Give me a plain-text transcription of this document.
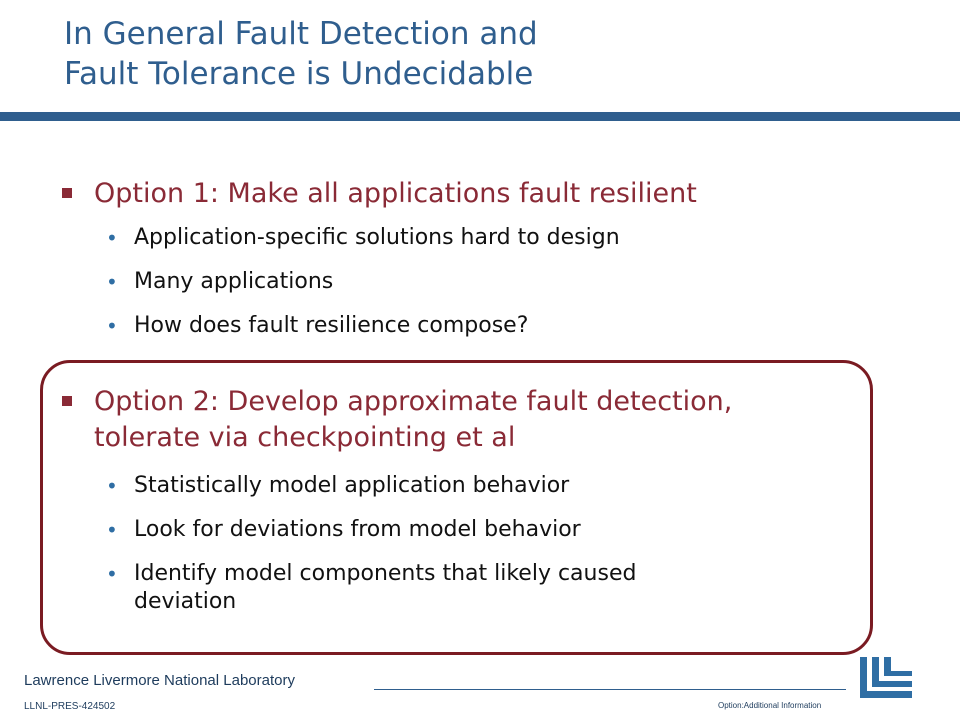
In General Fault Detection and
Fault Tolerance is Undecidable
Option 1: Make all applications fault resilient
• Application-specific solutions hard to design
• Many applications
• How does fault resilience compose?
Option 2: Develop approximate fault detection,
tolerate via checkpointing et al
• Statistically model application behavior
• Look for deviations from model behavior
• Identify model components that likely caused
deviation
Lawrence Livermore National Laboratory
LLNL-PRES-424502	Option:Additional Information
